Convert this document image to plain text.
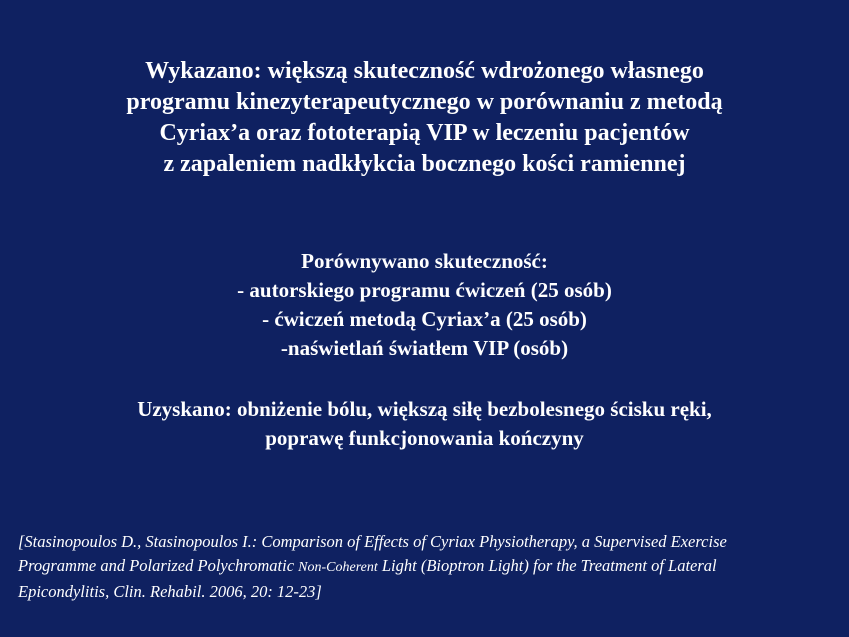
Wykazano: większą skuteczność wdrożonego własnego
programu kinezyterapeutycznego w porównaniu z metodą
Cyriax’a oraz fototerapią VIP w leczeniu pacjentów
z zapaleniem nadkłykcia bocznego kości ramiennej
Porównywano skuteczność:
- autorskiego programu ćwiczeń (25 osób)
- ćwiczeń metodą Cyriax’a (25 osób)
-naświetlań światłem VIP (osób)
Uzyskano: obniżenie bólu, większą siłę bezbolesnego ścisku ręki,
poprawę funkcjonowania kończyny
[Stasinopoulos D., Stasinopoulos I.: Comparison of Effects of Cyriax Physiotherapy, a Supervised Exercise
Programme and Polarized Polychromatic Non-Coherent Light (Bioptron Light) for the Treatment of Lateral
Epicondylitis, Clin. Rehabil. 2006, 20: 12-23]
